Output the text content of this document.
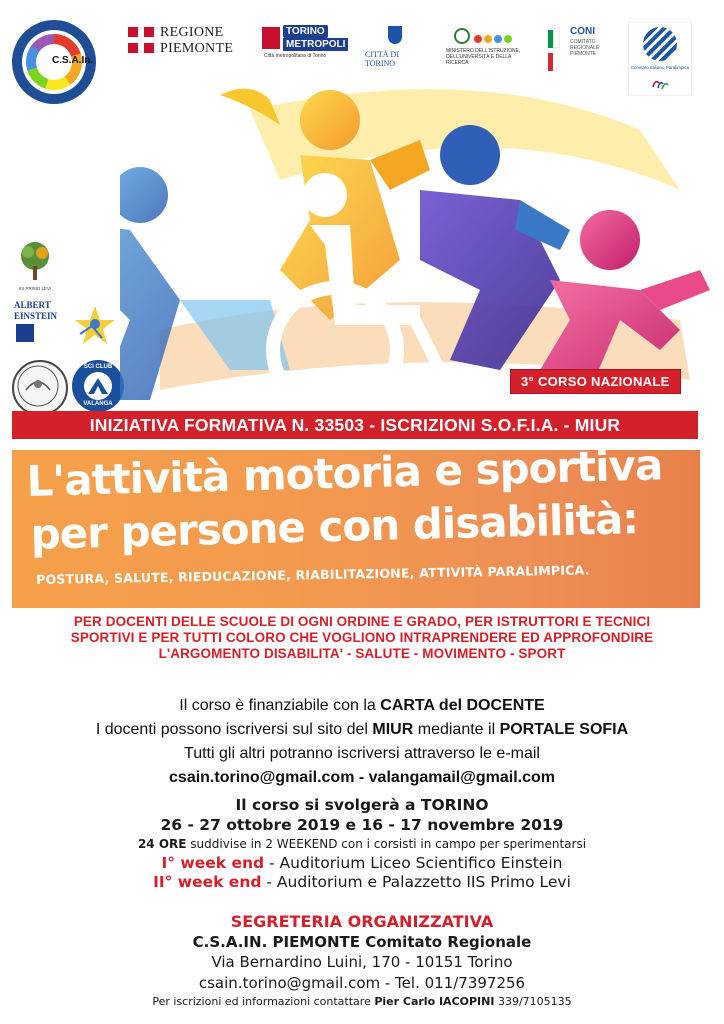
C.S.A.In.
REGIONE
PIEMONTE
TORINO
METROPOLI
Città metropolitana di Torino	CITTÀ DI TORINO
MINISTERO DELL'ISTRUZIONE, DELL'UNIVERSITÀ E DELLA RICERCA
CONI
COMITATO REGIONALE PIEMONTE
Comitato Italiano Paralimpico
IIS PRIMO LEVI
ALBERT
EINSTEIN
SCI CLUB
VALANGA
3° CORSO NAZIONALE
INIZIATIVA FORMATIVA N. 33503 - ISCRIZIONI S.O.F.I.A. - MIUR
L'attività motoria e sportiva
per persone con disabilità:
POSTURA, SALUTE, RIEDUCAZIONE, RIABILITAZIONE, ATTIVITÀ PARALIMPICA.
PER DOCENTI DELLE SCUOLE DI OGNI ORDINE E GRADO, PER ISTRUTTORI E TECNICI
SPORTIVI E PER TUTTI COLORO CHE VOGLIONO INTRAPRENDERE ED APPROFONDIRE
L'ARGOMENTO DISABILITA' - SALUTE - MOVIMENTO - SPORT
Il corso è finanziabile con la CARTA del DOCENTE
I docenti possono iscriversi sul sito del MIUR mediante il PORTALE SOFIA
Tutti gli altri potranno iscriversi attraverso le e-mail
csain.torino@gmail.com - valangamail@gmail.com
Il corso si svolgerà a TORINO
26 - 27 ottobre 2019 e 16 - 17 novembre 2019
24 ORE suddivise in 2 WEEKEND con i corsisti in campo per sperimentarsi
I° week end - Auditorium Liceo Scientifico Einstein
II° week end - Auditorium e Palazzetto IIS Primo Levi
SEGRETERIA ORGANIZZATIVA
C.S.A.IN. PIEMONTE Comitato Regionale
Via Bernardino Luini, 170 - 10151 Torino
csain.torino@gmail.com - Tel. 011/7397256
Per iscrizioni ed informazioni contattare Pier Carlo IACOPINI 339/7105135
